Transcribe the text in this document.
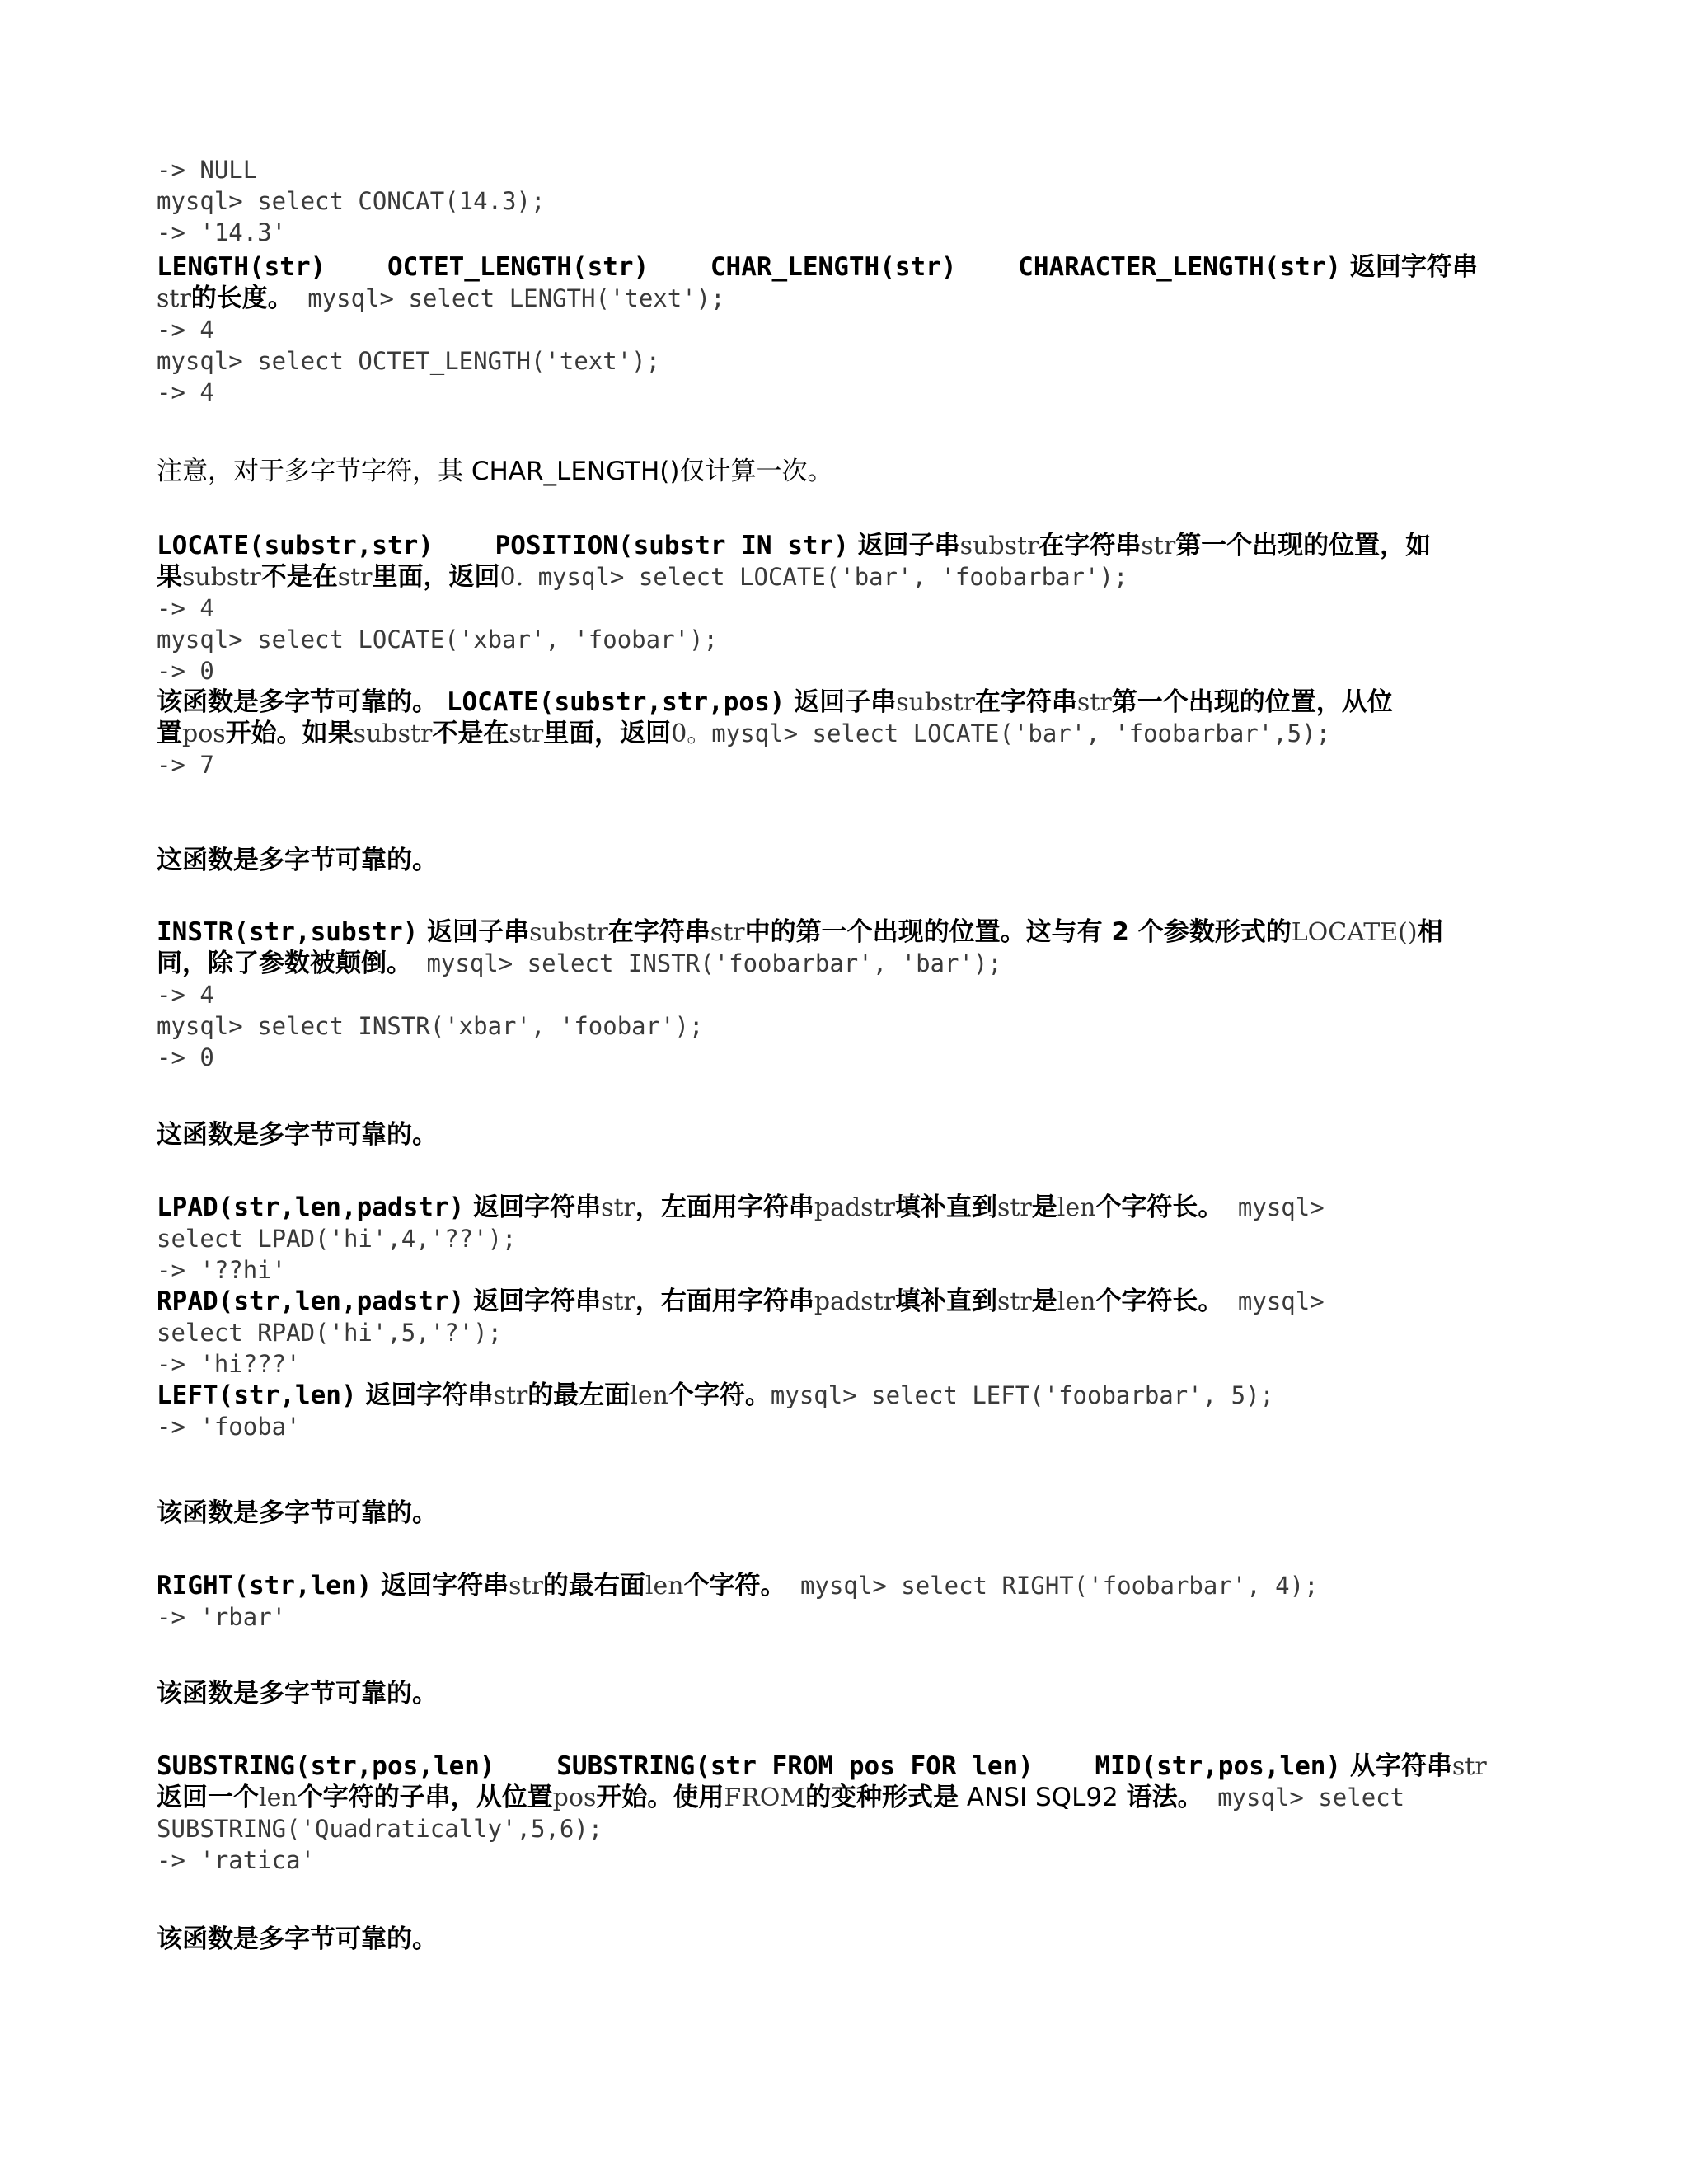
-> NULL
mysql> select CONCAT(14.3);
-> '14.3'
LENGTH(str)    OCTET_LENGTH(str)    CHAR_LENGTH(str)    CHARACTER_LENGTH(str) 返回字符串
str的长度。 mysql> select LENGTH('text');
-> 4
mysql> select OCTET_LENGTH('text');
-> 4
注意，对于多字节字符，其 CHAR_LENGTH()仅计算一次。
LOCATE(substr,str)    POSITION(substr IN str) 返回子串substr在字符串str第一个出现的位置，如
果substr不是在str里面，返回0. mysql> select LOCATE('bar', 'foobarbar');
-> 4
mysql> select LOCATE('xbar', 'foobar');
-> 0
该函数是多字节可靠的。 LOCATE(substr,str,pos) 返回子串substr在字符串str第一个出现的位置，从位
置pos开始。如果substr不是在str里面，返回0。mysql> select LOCATE('bar', 'foobarbar',5);
-> 7
这函数是多字节可靠的。
INSTR(str,substr) 返回子串substr在字符串str中的第一个出现的位置。这与有 2 个参数形式的LOCATE()相
同，除了参数被颠倒。 mysql> select INSTR('foobarbar', 'bar');
-> 4
mysql> select INSTR('xbar', 'foobar');
-> 0
这函数是多字节可靠的。
LPAD(str,len,padstr) 返回字符串str，左面用字符串padstr填补直到str是len个字符长。 mysql>
select LPAD('hi',4,'??');
-> '??hi'
RPAD(str,len,padstr) 返回字符串str，右面用字符串padstr填补直到str是len个字符长。 mysql>
select RPAD('hi',5,'?');
-> 'hi???'
LEFT(str,len) 返回字符串str的最左面len个字符。mysql> select LEFT('foobarbar', 5);
-> 'fooba'
该函数是多字节可靠的。
RIGHT(str,len) 返回字符串str的最右面len个字符。 mysql> select RIGHT('foobarbar', 4);
-> 'rbar'
该函数是多字节可靠的。
SUBSTRING(str,pos,len)    SUBSTRING(str FROM pos FOR len)    MID(str,pos,len) 从字符串str
返回一个len个字符的子串，从位置pos开始。使用FROM的变种形式是 ANSI SQL92 语法。 mysql> select
SUBSTRING('Quadratically',5,6);
-> 'ratica'
该函数是多字节可靠的。
